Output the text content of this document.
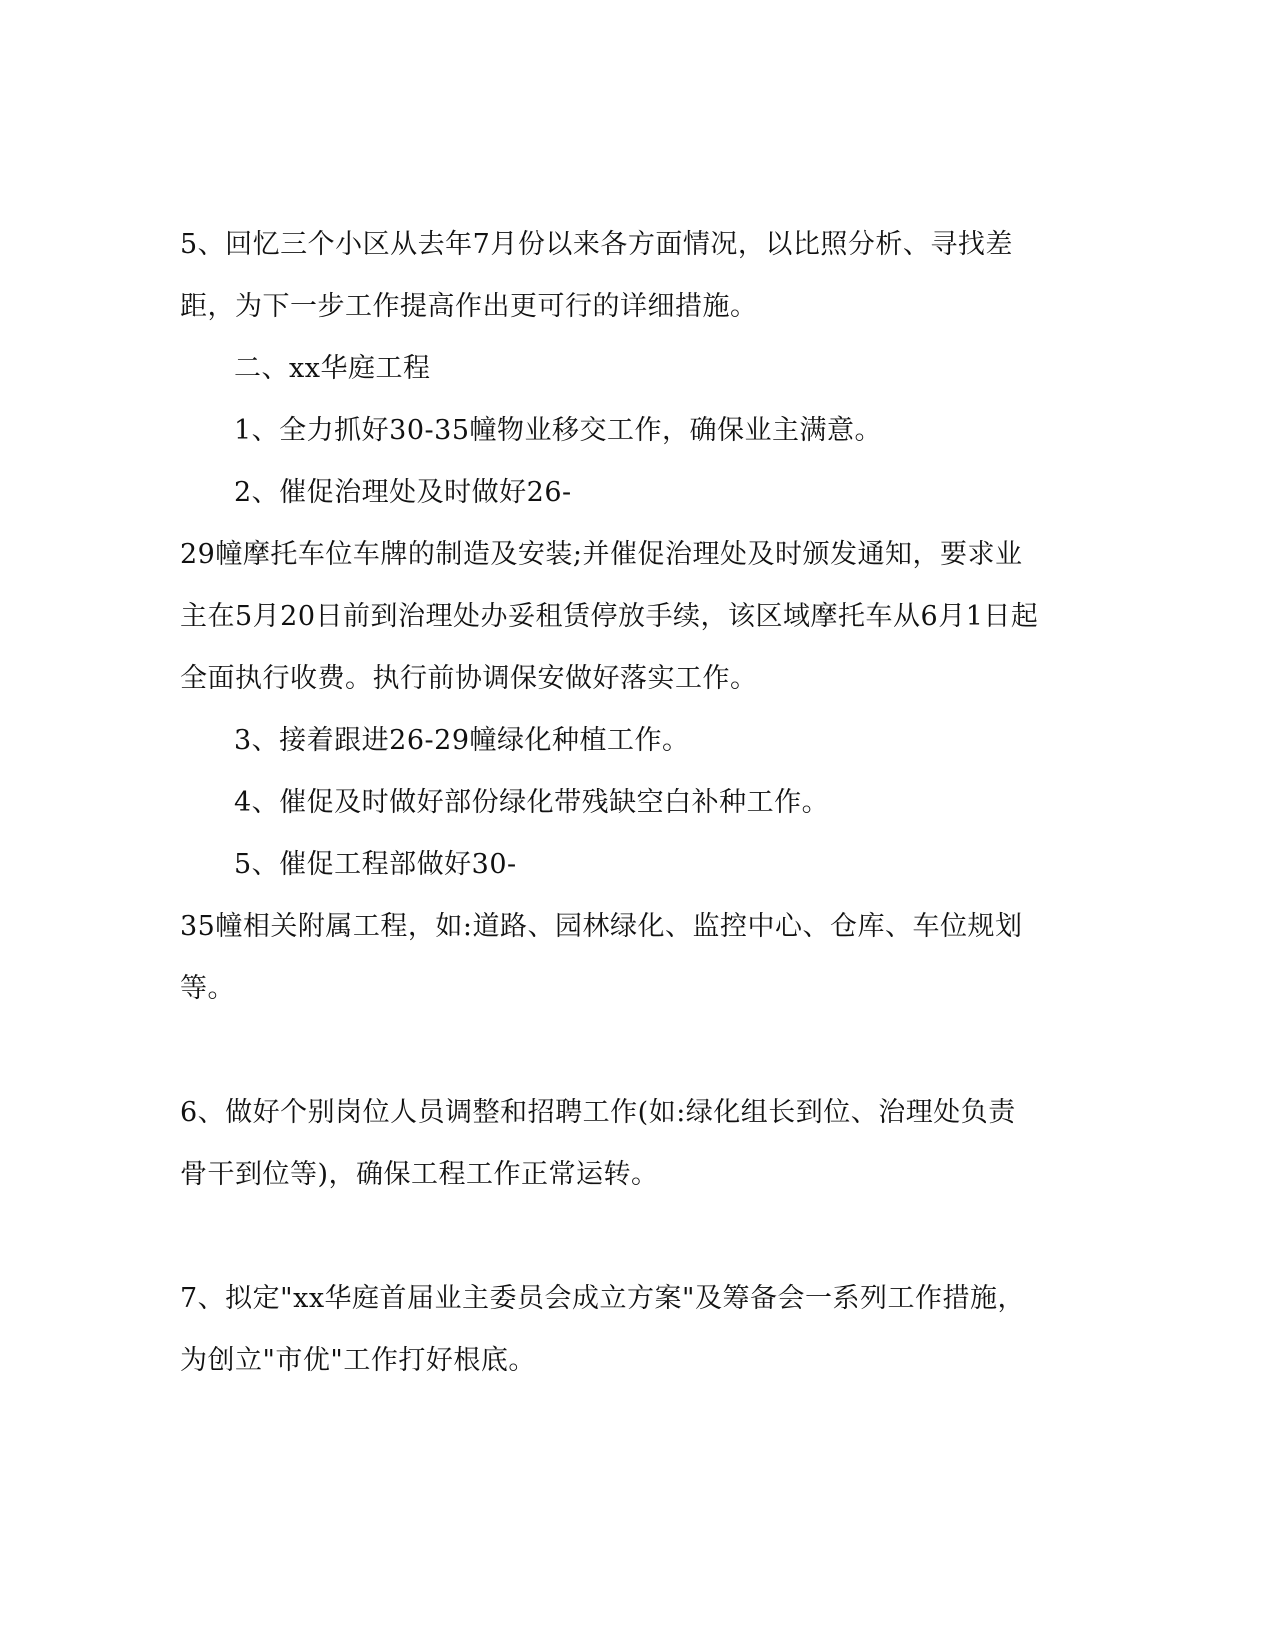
5、回忆三个小区从去年7月份以来各方面情况，以比照分析、寻找差
距，为下一步工作提高作出更可行的详细措施。
二、xx华庭工程
1、全力抓好30-35幢物业移交工作，确保业主满意。
2、催促治理处及时做好26-
29幢摩托车位车牌的制造及安装;并催促治理处及时颁发通知，要求业
主在5月20日前到治理处办妥租赁停放手续，该区域摩托车从6月1日起
全面执行收费。执行前协调保安做好落实工作。
3、接着跟进26-29幢绿化种植工作。
4、催促及时做好部份绿化带残缺空白补种工作。
5、催促工程部做好30-
35幢相关附属工程，如:道路、园林绿化、监控中心、仓库、车位规划
等。
6、做好个别岗位人员调整和招聘工作(如:绿化组长到位、治理处负责
骨干到位等)，确保工程工作正常运转。
7、拟定"xx华庭首届业主委员会成立方案"及筹备会一系列工作措施，
为创立"市优"工作打好根底。
